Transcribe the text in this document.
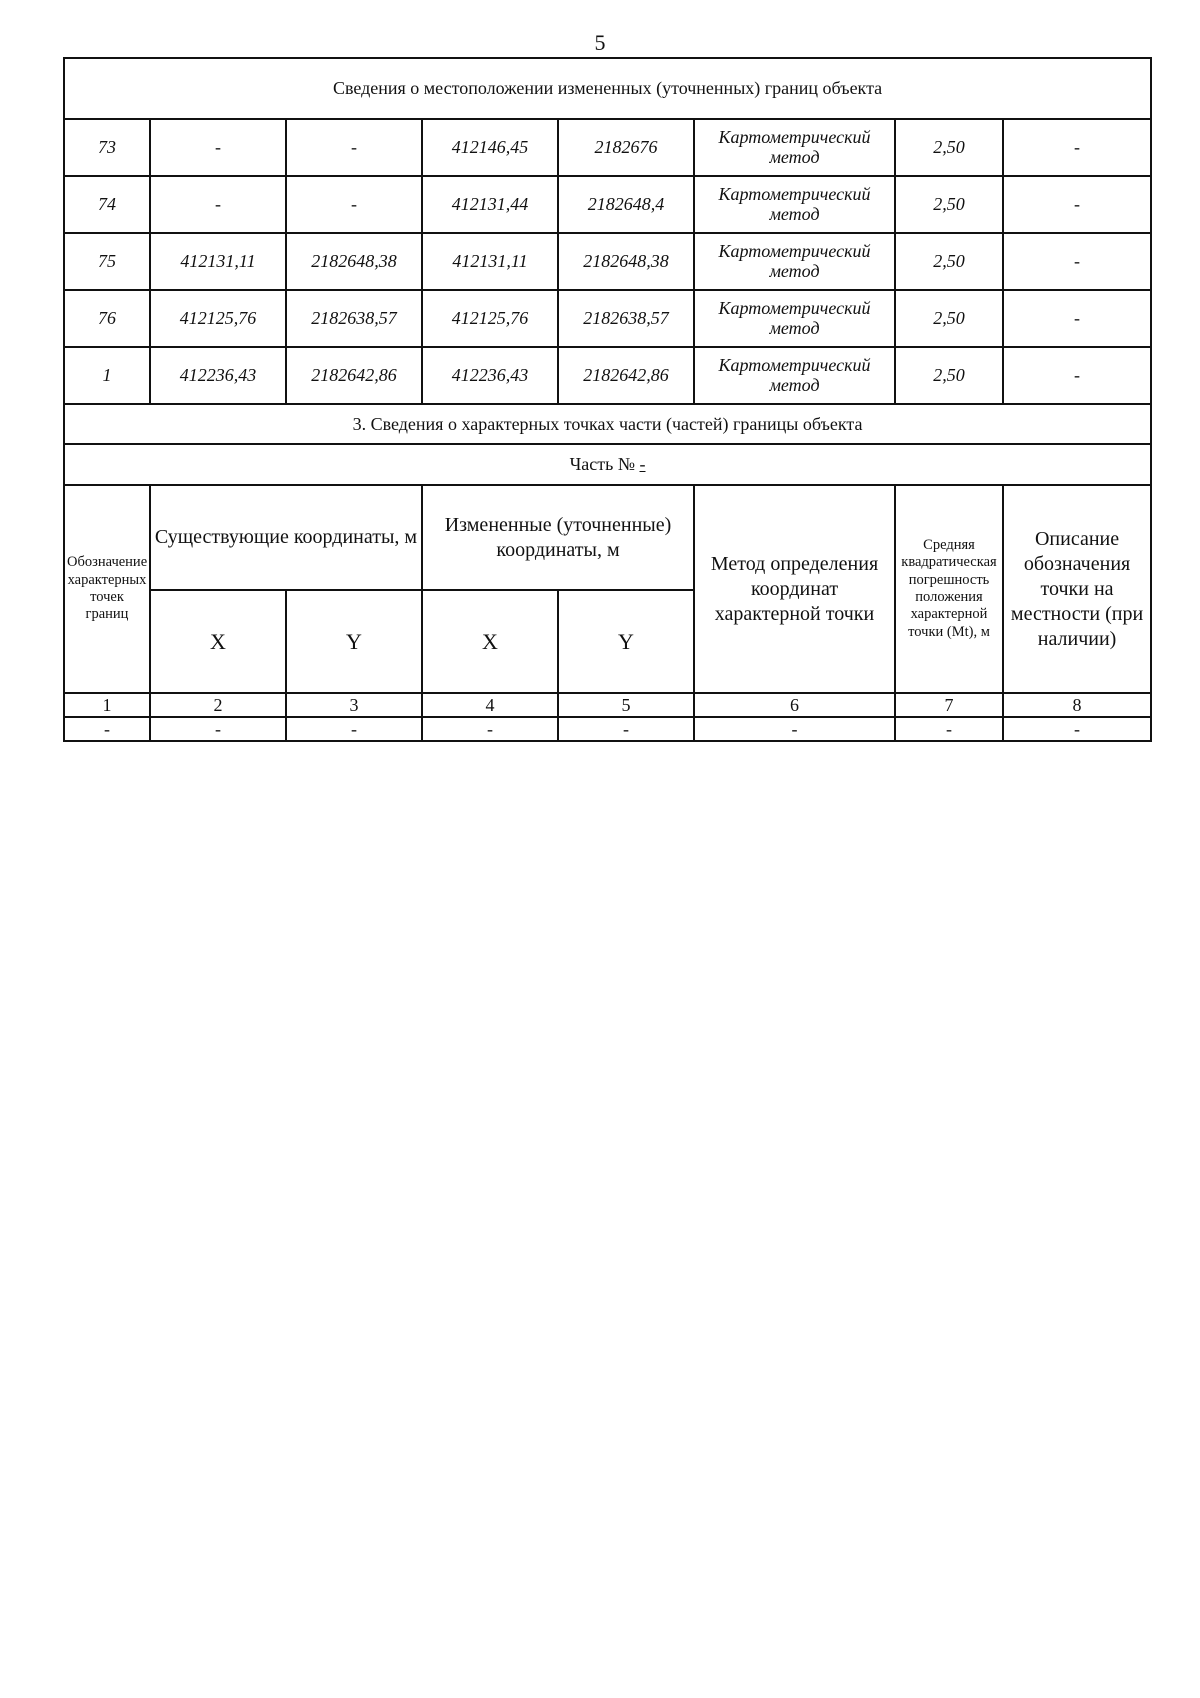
5
Сведения о местоположении измененных (уточненных) границ объекта							
73	-	-	412146,45	2182676	Картометрический метод	2,50	-
74	-	-	412131,44	2182648,4	Картометрический метод	2,50	-
75	412131,11	2182648,38	412131,11	2182648,38	Картометрический метод	2,50	-
76	412125,76	2182638,57	412125,76	2182638,57	Картометрический метод	2,50	-
1	412236,43	2182642,86	412236,43	2182642,86	Картометрический метод	2,50	-
3. Сведения о характерных точках части (частей) границы объекта							
Часть № -							
Обозначение характерных точек границ	Существующие координаты, м		Измененные (уточненные) координаты, м		Метод определения координат характерной точки	Средняя квадратическая погрешность положения характерной точки (Mt), м	Описание обозначения точки на местности (при наличии)
	X	Y	X	Y			
1	2	3	4	5	6	7	8
-	-	-	-	-	-	-	-
